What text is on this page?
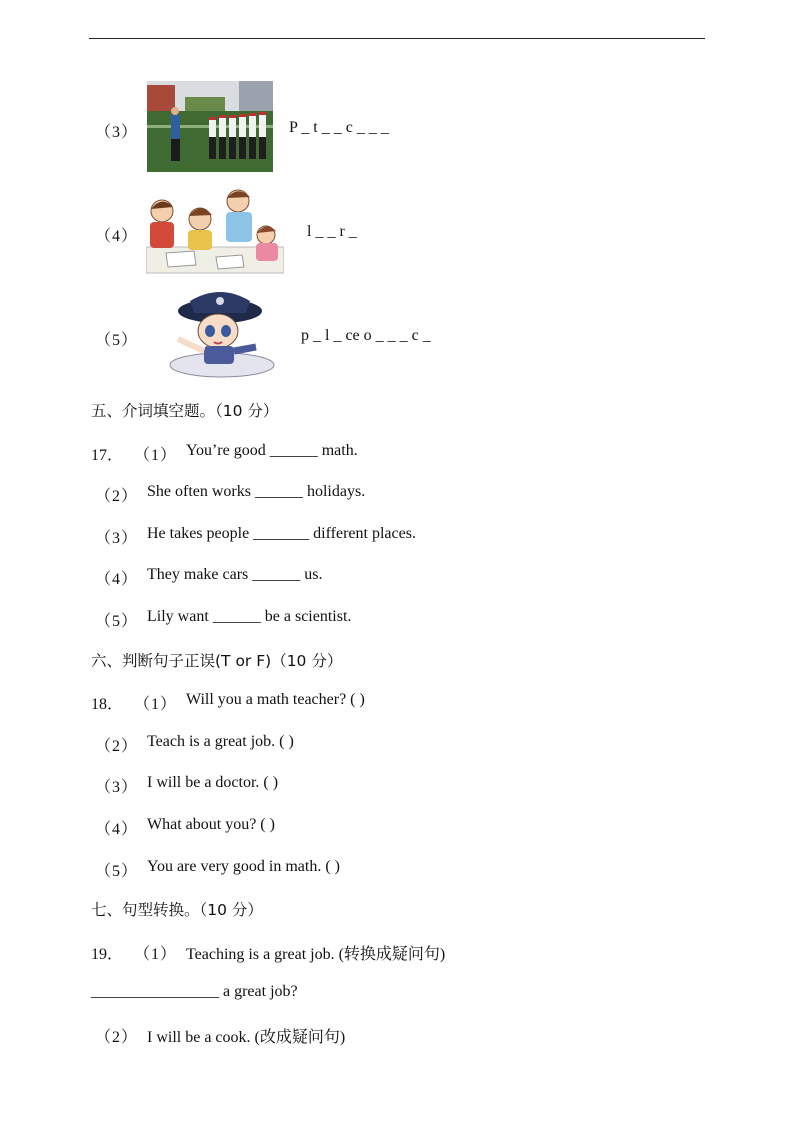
（3）	P _ t _ _ c _ _ _
（4）	l _ _ r _
（5）	p _ l _ ce o _ _ _ c _
五、介词填空题。（10 分）
17． （1） You’re good ______ math.
（2） She often works ______ holidays.
（3） He takes people _______ different places.
（4） They make cars ______ us.
（5） Lily want ______ be a scientist.
六、判断句子正误(T or F)（10 分）
18． （1） Will you a math teacher? ( )
（2） Teach is a great job. ( )
（3） I will be a doctor. ( )
（4） What about you? ( )
（5） You are very good in math. ( )
七、句型转换。（10 分）
19． （1） Teaching is a great job. (转换成疑问句)
________________ a great job?
（2） I will be a cook. (改成疑问句)
